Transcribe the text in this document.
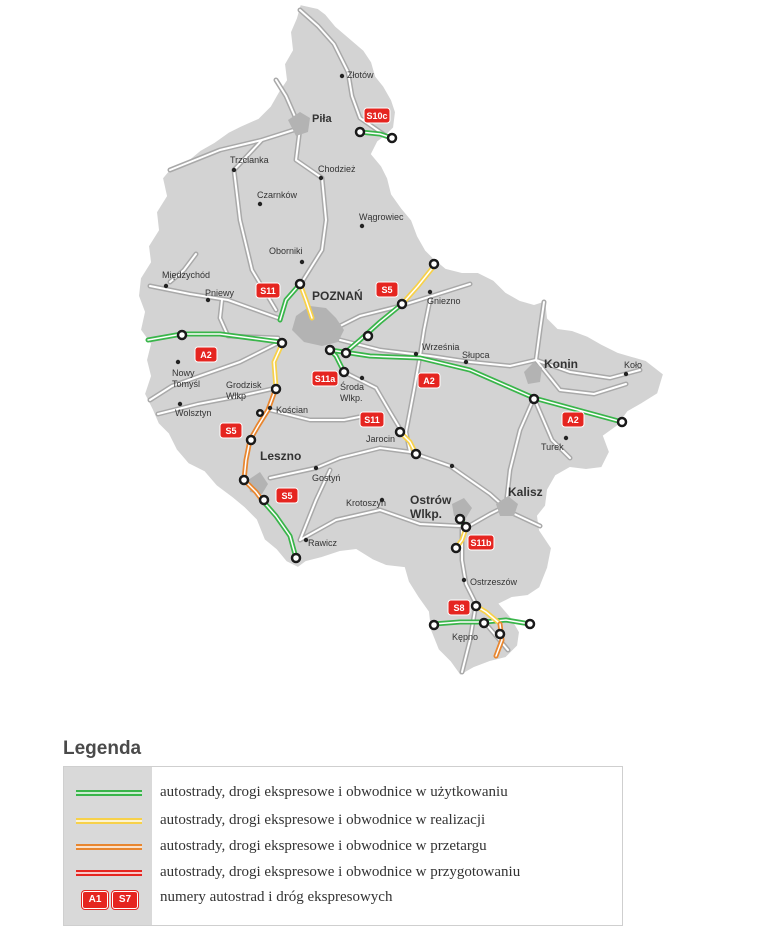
Złotów
Piła
Trzcianka
Chodzież
Czarnków
Wągrowiec
Oborniki
Międzychód
Pniewy	POZNAŃ	Gniezno
Września
Słupca
Konin	Koło
Nowy
Tomyśl	Grodzisk
Wlkp
Środa
Wlkp.
Wolsztyn	Kościan
Jarocin
Turek
Leszno
Gostyń
Krotoszyn Ostrów
Wlkp.
Kalisz
Rawicz
Ostrzeszów
Kępno
S10c
S11	S5
A2
S11a	A2
A2
S5
S11
S5
S11b
S8
Legenda
autostrady, drogi ekspresowe i obwodnice w użytkowaniu
autostrady, drogi ekspresowe i obwodnice w realizacji
autostrady, drogi ekspresowe i obwodnice w przetargu
autostrady, drogi ekspresowe i obwodnice w przygotowaniu
A1	S7	numery autostrad i dróg ekspresowych
